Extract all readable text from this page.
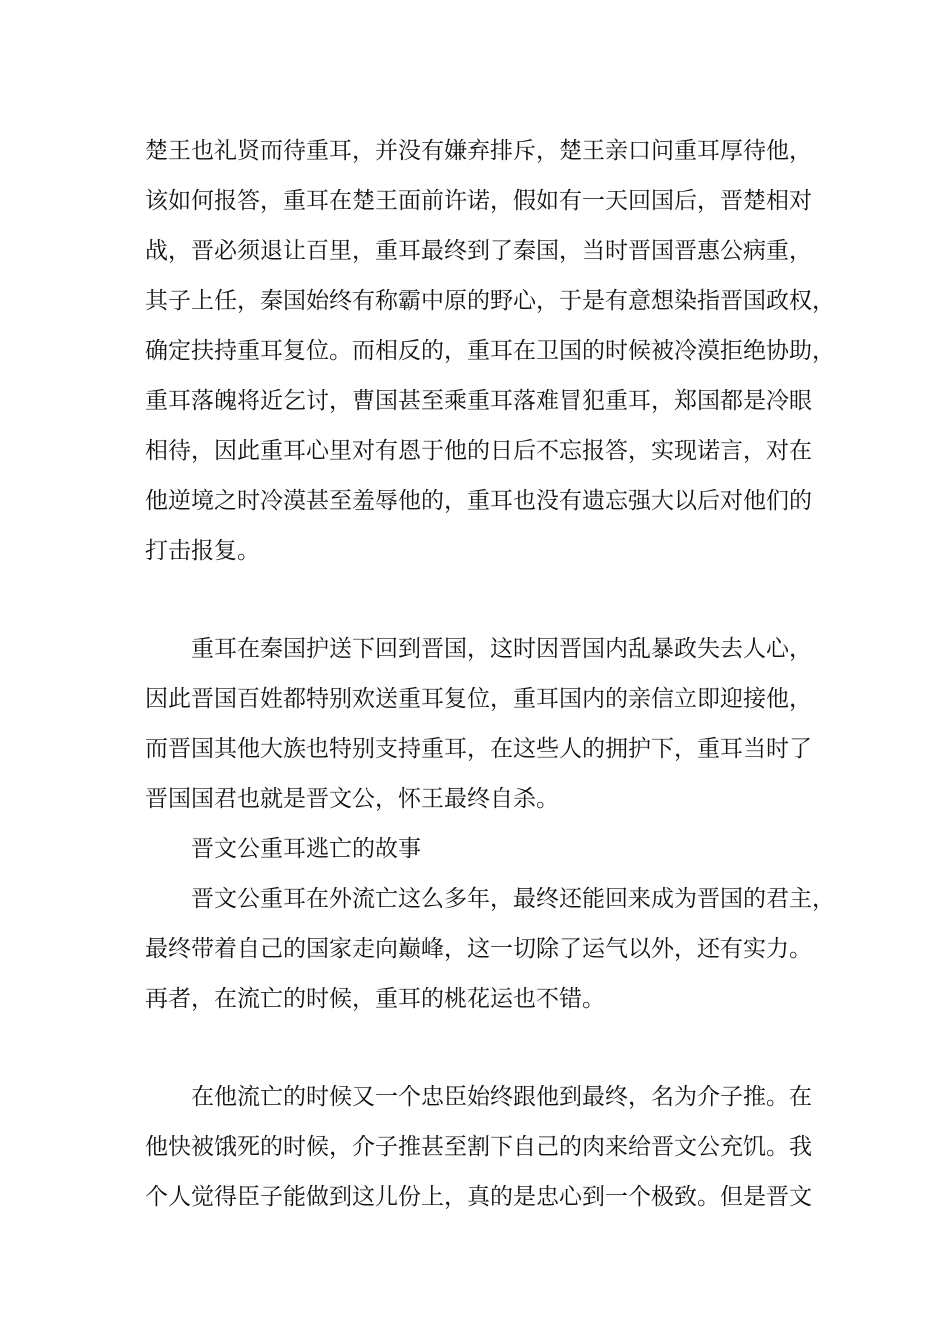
楚王也礼贤而待重耳，并没有嫌弃排斥，楚王亲口问重耳厚待他，

该如何报答，重耳在楚王面前许诺，假如有一天回国后，晋楚相对

战，晋必须退让百里，重耳最终到了秦国，当时晋国晋惠公病重，

其子上任，秦国始终有称霸中原的野心，于是有意想染指晋国政权，

确定扶持重耳复位。而相反的，重耳在卫国的时候被冷漠拒绝协助，

重耳落魄将近乞讨，曹国甚至乘重耳落难冒犯重耳，郑国都是冷眼

相待，因此重耳心里对有恩于他的日后不忘报答，实现诺言，对在

他逆境之时冷漠甚至羞辱他的，重耳也没有遗忘强大以后对他们的

打击报复。

重耳在秦国护送下回到晋国，这时因晋国内乱暴政失去人心，

因此晋国百姓都特别欢送重耳复位，重耳国内的亲信立即迎接他，

而晋国其他大族也特别支持重耳，在这些人的拥护下，重耳当时了

晋国国君也就是晋文公，怀王最终自杀。

晋文公重耳逃亡的故事

晋文公重耳在外流亡这么多年，最终还能回来成为晋国的君主，

最终带着自己的国家走向巅峰，这一切除了运气以外，还有实力。

再者，在流亡的时候，重耳的桃花运也不错。

在他流亡的时候又一个忠臣始终跟他到最终，名为介子推。在

他快被饿死的时候，介子推甚至割下自己的肉来给晋文公充饥。我

个人觉得臣子能做到这儿份上，真的是忠心到一个极致。但是晋文
